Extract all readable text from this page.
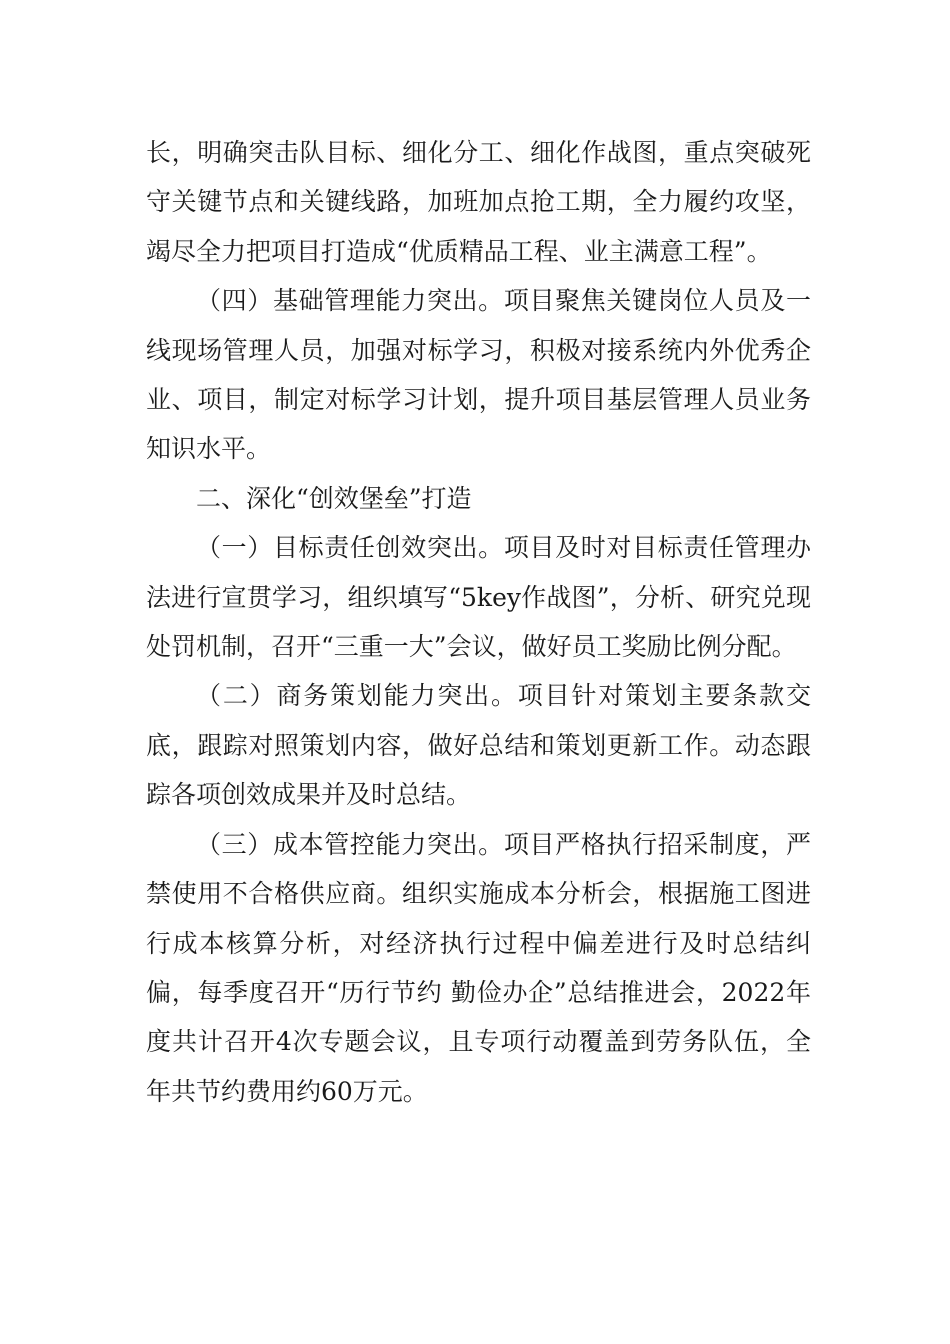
长，明确突击队目标、细化分工、细化作战图，重点突破死守关键节点和关键线路，加班加点抢工期，全力履约攻坚，竭尽全力把项目打造成“优质精品工程、业主满意工程”。

（四）基础管理能力突出。项目聚焦关键岗位人员及一线现场管理人员，加强对标学习，积极对接系统内外优秀企业、项目，制定对标学习计划，提升项目基层管理人员业务知识水平。

二、深化“创效堡垒”打造

（一）目标责任创效突出。项目及时对目标责任管理办法进行宣贯学习，组织填写“5key作战图”，分析、研究兑现处罚机制，召开“三重一大”会议，做好员工奖励比例分配。

（二）商务策划能力突出。项目针对策划主要条款交底，跟踪对照策划内容，做好总结和策划更新工作。动态跟踪各项创效成果并及时总结。

（三）成本管控能力突出。项目严格执行招采制度，严禁使用不合格供应商。组织实施成本分析会，根据施工图进行成本核算分析，对经济执行过程中偏差进行及时总结纠偏，每季度召开“历行节约 勤俭办企”总结推进会，2022年度共计召开4次专题会议，且专项行动覆盖到劳务队伍，全年共节约费用约60万元。
